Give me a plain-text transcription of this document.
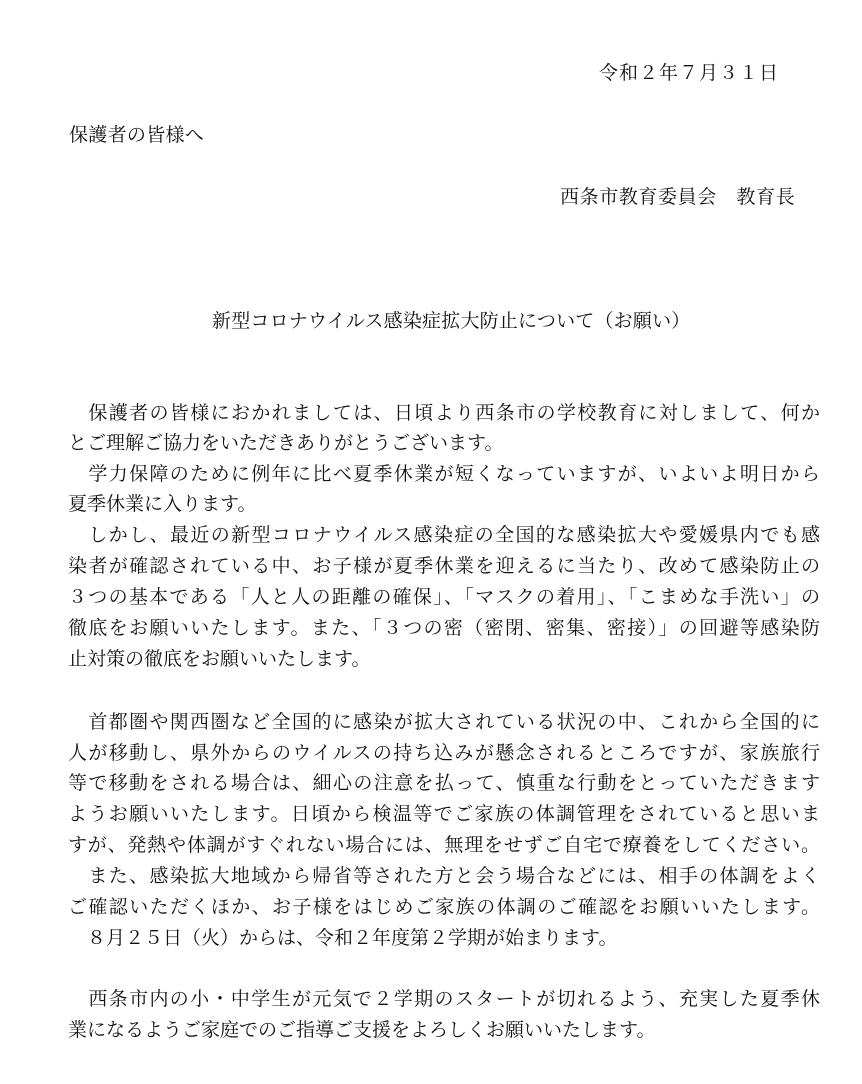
令和２年７月３１日

保護者の皆様へ

西条市教育委員会　教育長

新型コロナウイルス感染症拡大防止について（お願い）

　保護者の皆様におかれましては、日頃より西条市の学校教育に対しまして、何か
とご理解ご協力をいただきありがとうございます。
　学力保障のために例年に比べ夏季休業が短くなっていますが、いよいよ明日から
夏季休業に入ります。
　しかし、最近の新型コロナウイルス感染症の全国的な感染拡大や愛媛県内でも感
染者が確認されている中、お子様が夏季休業を迎えるに当たり、改めて感染防止の
３つの基本である「人と人の距離の確保」、「マスクの着用」、「こまめな手洗い」の
徹底をお願いいたします。また、「３つの密（密閉、密集、密接）」の回避等感染防
止対策の徹底をお願いいたします。
　首都圏や関西圏など全国的に感染が拡大されている状況の中、これから全国的に
人が移動し、県外からのウイルスの持ち込みが懸念されるところですが、家族旅行
等で移動をされる場合は、細心の注意を払って、慎重な行動をとっていただきます
ようお願いいたします。日頃から検温等でご家族の体調管理をされていると思いま
すが、発熱や体調がすぐれない場合には、無理をせずご自宅で療養をしてください。
　また、感染拡大地域から帰省等された方と会う場合などには、相手の体調をよく
ご確認いただくほか、お子様をはじめご家族の体調のご確認をお願いいたします。
　８月２５日（火）からは、令和２年度第２学期が始まります。
　西条市内の小・中学生が元気で２学期のスタートが切れるよう、充実した夏季休
業になるようご家庭でのご指導ご支援をよろしくお願いいたします。
